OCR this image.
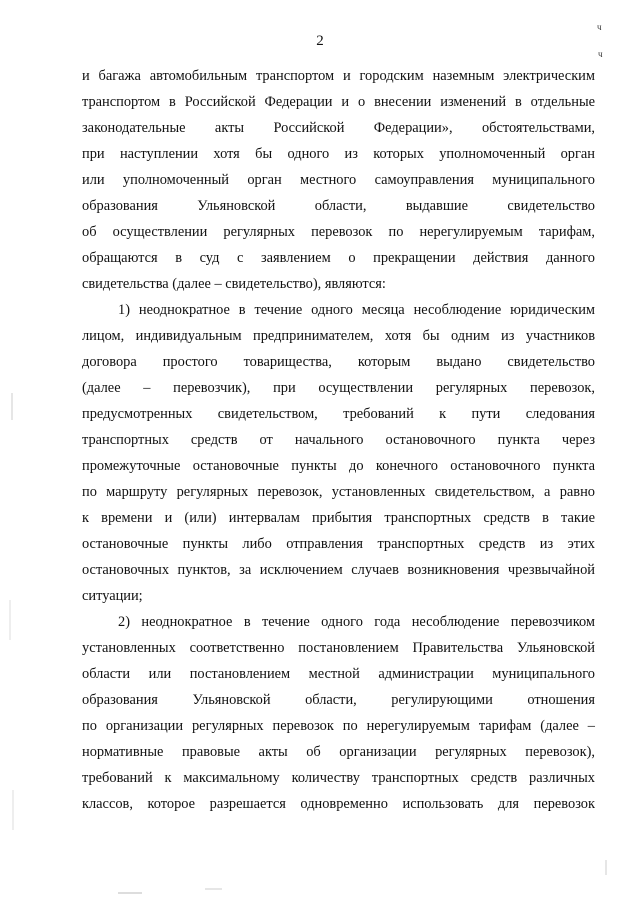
2
ч
ч
и багажа автомобильным транспортом и городским наземным электрическим
транспортом в Российской Федерации и о внесении изменений в отдельные
законодательные акты Российской Федерации», обстоятельствами,
при наступлении хотя бы одного из которых уполномоченный орган
или уполномоченный орган местного самоуправления муниципального
образования Ульяновской области, выдавшие свидетельство
об осуществлении регулярных перевозок по нерегулируемым тарифам,
обращаются в суд с заявлением о прекращении действия данного
свидетельства (далее – свидетельство), являются:
1) неоднократное в течение одного месяца несоблюдение юридическим
лицом, индивидуальным предпринимателем, хотя бы одним из участников
договора простого товарищества, которым выдано свидетельство
(далее – перевозчик), при осуществлении регулярных перевозок,
предусмотренных свидетельством, требований к пути следования
транспортных средств от начального остановочного пункта через
промежуточные остановочные пункты до конечного остановочного пункта
по маршруту регулярных перевозок, установленных свидетельством, а равно
к времени и (или) интервалам прибытия транспортных средств в такие
остановочные пункты либо отправления транспортных средств из этих
остановочных пунктов, за исключением случаев возникновения чрезвычайной
ситуации;
2) неоднократное в течение одного года несоблюдение перевозчиком
установленных соответственно постановлением Правительства Ульяновской
области или постановлением местной администрации муниципального
образования Ульяновской области, регулирующими отношения
по организации регулярных перевозок по нерегулируемым тарифам (далее –
нормативные правовые акты об организации регулярных перевозок),
требований к максимальному количеству транспортных средств различных
классов, которое разрешается одновременно использовать для перевозок
